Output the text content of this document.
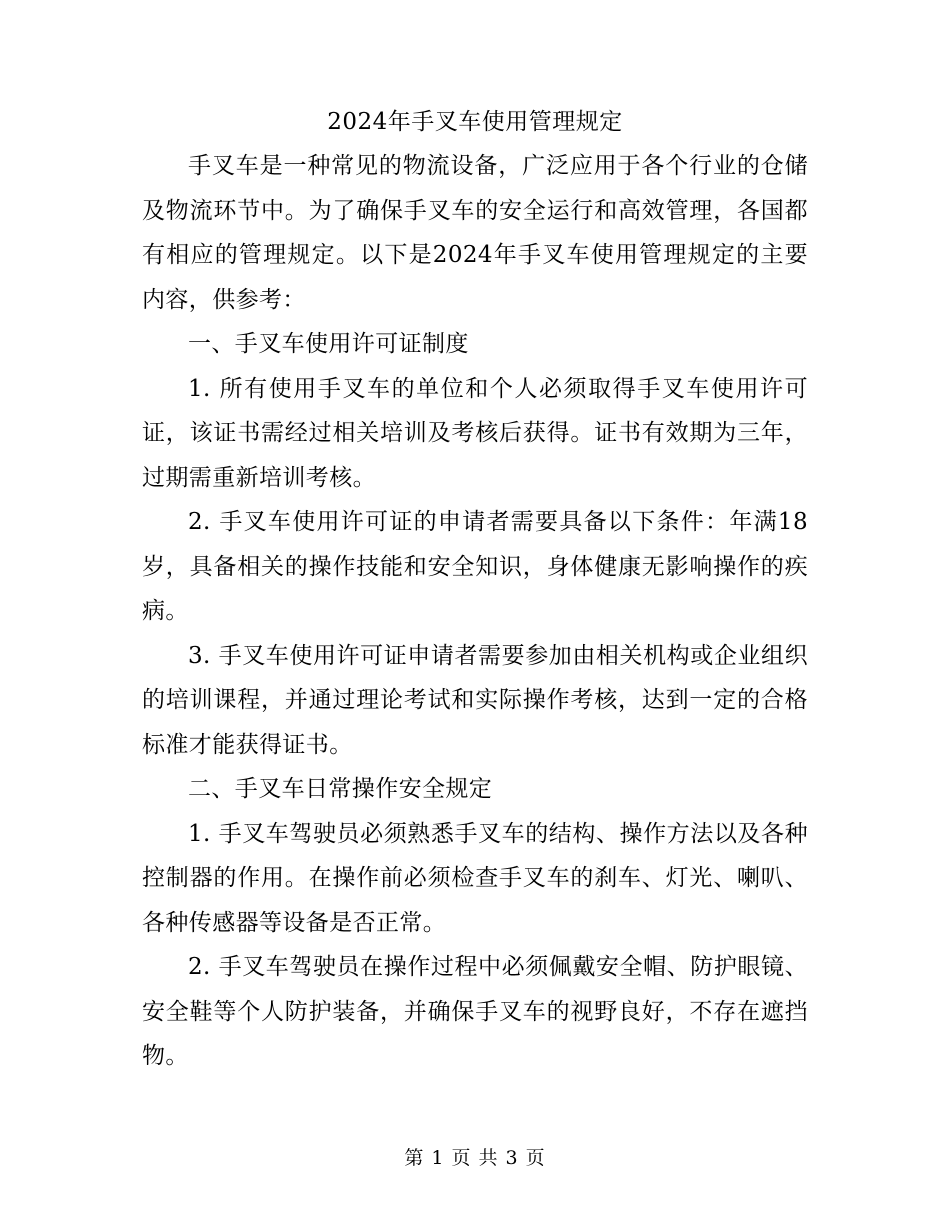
2024年手叉车使用管理规定

手叉车是一种常见的物流设备，广泛应用于各个行业的仓储及物流环节中。为了确保手叉车的安全运行和高效管理，各国都有相应的管理规定。以下是2024年手叉车使用管理规定的主要内容，供参考：

一、手叉车使用许可证制度

1. 所有使用手叉车的单位和个人必须取得手叉车使用许可证，该证书需经过相关培训及考核后获得。证书有效期为三年，过期需重新培训考核。

2. 手叉车使用许可证的申请者需要具备以下条件：年满18岁，具备相关的操作技能和安全知识，身体健康无影响操作的疾病。

3. 手叉车使用许可证申请者需要参加由相关机构或企业组织的培训课程，并通过理论考试和实际操作考核，达到一定的合格标准才能获得证书。

二、手叉车日常操作安全规定

1. 手叉车驾驶员必须熟悉手叉车的结构、操作方法以及各种控制器的作用。在操作前必须检查手叉车的刹车、灯光、喇叭、各种传感器等设备是否正常。

2. 手叉车驾驶员在操作过程中必须佩戴安全帽、防护眼镜、安全鞋等个人防护装备，并确保手叉车的视野良好，不存在遮挡物。

第 1 页 共 3 页
